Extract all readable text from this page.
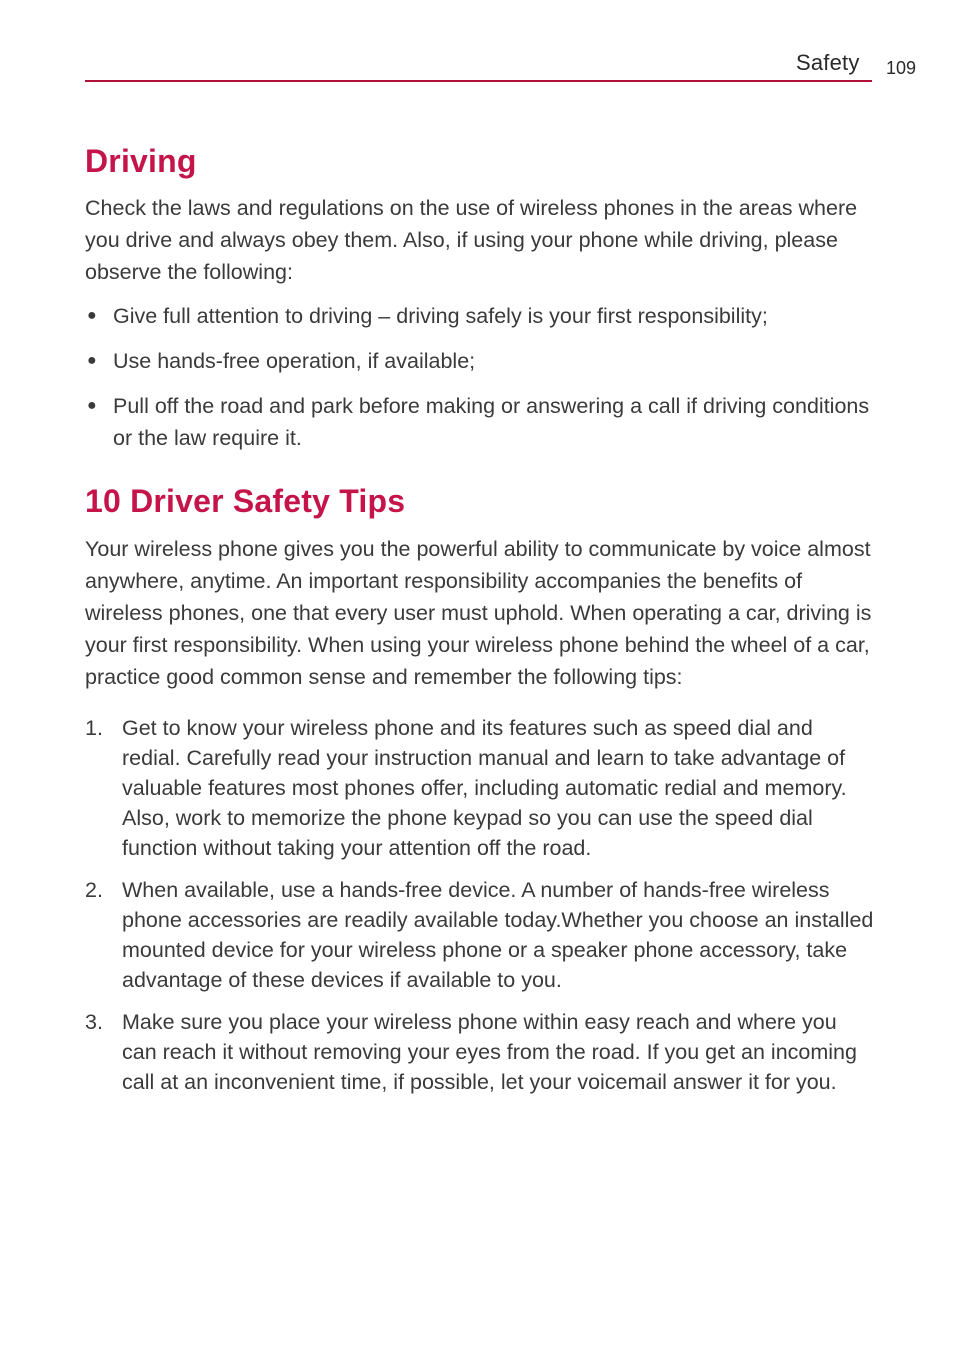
Safety 109
Driving

Check the laws and regulations on the use of wireless phones in the areas where you drive and always obey them. Also, if using your phone while driving, please observe the following:

● Give full attention to driving – driving safely is your first responsibility;
● Use hands-free operation, if available;
● Pull off the road and park before making or answering a call if driving conditions or the law require it.
10 Driver Safety Tips

Your wireless phone gives you the powerful ability to communicate by voice almost anywhere, anytime. An important responsibility accompanies the benefits of wireless phones, one that every user must uphold. When operating a car, driving is your first responsibility. When using your wireless phone behind the wheel of a car, practice good common sense and remember the following tips:

1. Get to know your wireless phone and its features such as speed dial and redial. Carefully read your instruction manual and learn to take advantage of valuable features most phones offer, including automatic redial and memory. Also, work to memorize the phone keypad so you can use the speed dial function without taking your attention off the road.
2. When available, use a hands-free device. A number of hands-free wireless phone accessories are readily available today.Whether you choose an installed mounted device for your wireless phone or a speaker phone accessory, take advantage of these devices if available to you.
3. Make sure you place your wireless phone within easy reach and where you can reach it without removing your eyes from the road. If you get an incoming call at an inconvenient time, if possible, let your voicemail answer it for you.
